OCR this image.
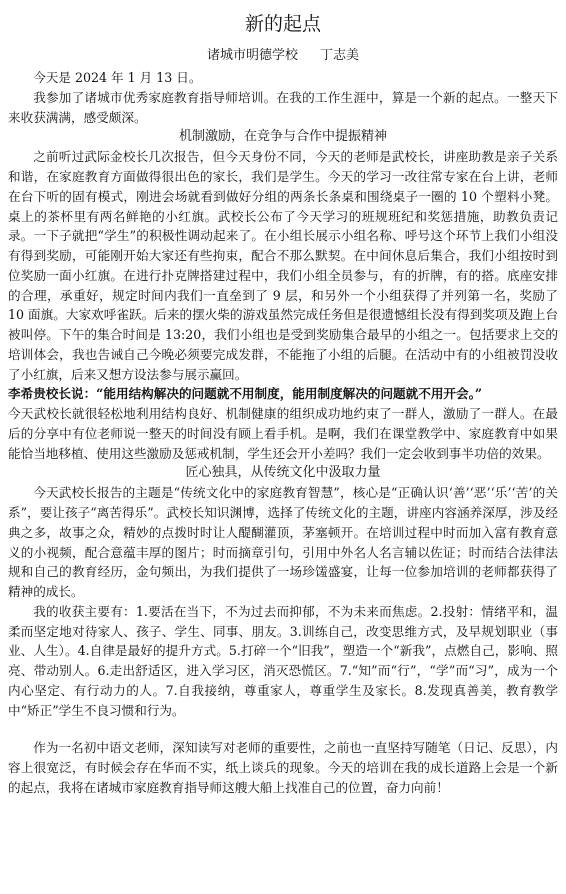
新的起点
诸城市明德学校 丁志美

今天是 2024 年 1 月 13 日。

我参加了诸城市优秀家庭教育指导师培训。在我的工作生涯中，算是一个新的起点。一整天下来收获满满，感受颇深。

机制激励，在竞争与合作中提振精神

之前听过武际金校长几次报告，但今天身份不同，今天的老师是武校长，讲座助教是亲子关系和谐，在家庭教育方面做得很出色的家长，我们是学生。今天的学习一改往常专家在台上讲，老师在台下听的固有模式，刚进会场就看到做好分组的两条长条桌和围绕桌子一圈的 10 个塑料小凳。桌上的茶杯里有两名鲜艳的小红旗。武校长公布了今天学习的班规班纪和奖惩措施，助教负责记录。一下子就把“学生”的积极性调动起来了。在小组长展示小组名称、呼号这个环节上我们小组没有得到奖励，可能刚开始大家还有些拘束，配合不那么默契。在中间休息后集合，我们小组按时到位奖励一面小红旗。在进行扑克牌搭建过程中，我们小组全员参与，有的折牌，有的搭。底座安排的合理，承重好，规定时间内我们一直垒到了 9 层，和另外一个小组获得了并列第一名，奖励了 10 面旗。大家欢呼雀跃。后来的摆火柴的游戏虽然完成任务但是很遗憾组长没有得到奖项及跑上台被叫停。下午的集合时间是 13:20，我们小组也是受到奖励集合最早的小组之一。包括要求上交的培训体会，我也告诫自己今晚必须要完成发群，不能拖了小组的后腿。在活动中有的小组被罚没收了小红旗，后来又想方设法参与展示赢回。

李希贵校长说：“能用结构解决的问题就不用制度，能用制度解决的问题就不用开会。”

今天武校长就很轻松地利用结构良好、机制健康的组织成功地约束了一群人，激励了一群人。在最后的分享中有位老师说一整天的时间没有顾上看手机。是啊，我们在课堂教学中、家庭教育中如果能恰当地移植、使用这些激励及惩戒机制，学生还会开小差吗？我们一定会收到事半功倍的效果。

匠心独具，从传统文化中汲取力量

今天武校长报告的主题是“传统文化中的家庭教育智慧”，核心是“正确认识‘善’‘恶’‘乐’‘苦’的关系”，要让孩子“离苦得乐”。武校长知识渊博，选择了传统文化的主题，讲座内容涵养深厚，涉及经典之多，故事之众，精妙的点拨时时让人醍醐灌顶，茅塞顿开。在培训过程中时而加入富有教育意义的小视频，配合意蕴丰厚的图片；时而摘章引句，引用中外名人名言辅以佐证；时而结合法律法规和自己的教育经历，金句频出，为我们提供了一场珍馐盛宴，让每一位参加培训的老师都获得了精神的成长。

我的收获主要有：1.要活在当下，不为过去而抑郁，不为未来而焦虑。2.投射：情绪平和，温柔而坚定地对待家人、孩子、学生、同事、朋友。3.训练自己，改变思维方式，及早规划职业（事业、人生）。4.自律是最好的提升方式。5.打碎一个“旧我”，塑造一个“新我”，点燃自己，影响、照亮、带动别人。6.走出舒适区，进入学习区，消灭恐慌区。7.“知”而“行”，“学”而“习”，成为一个内心坚定、有行动力的人。7.自我接纳，尊重家人，尊重学生及家长。8.发现真善美，教育教学中“矫正”学生不良习惯和行为。

作为一名初中语文老师，深知读写对老师的重要性，之前也一直坚持写随笔（日记、反思），内容上很宽泛，有时候会存在华而不实，纸上谈兵的现象。今天的培训在我的成长道路上会是一个新的起点，我将在诸城市家庭教育指导师这艘大船上找准自己的位置，奋力向前！
